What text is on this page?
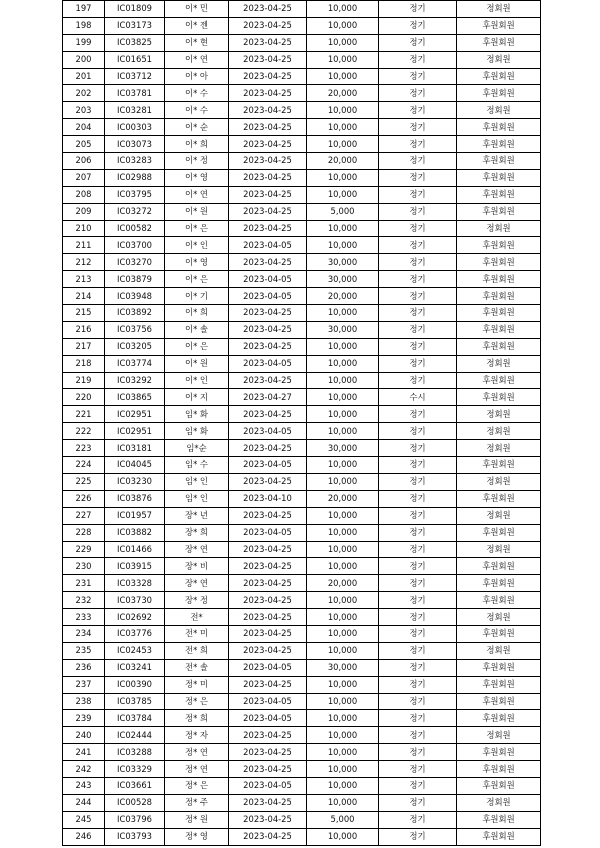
197	IC01809	이* 민	2023-04-25	10,000	정기	정회원
198	IC03173	이* 젠	2023-04-25	10,000	정기	후원회원
199	IC03825	이* 현	2023-04-25	10,000	정기	후원회원
200	IC01651	이* 연	2023-04-25	10,000	정기	정회원
201	IC03712	이* 아	2023-04-25	10,000	정기	후원회원
202	IC03781	이* 수	2023-04-25	20,000	정기	후원회원
203	IC03281	이* 수	2023-04-25	10,000	정기	정회원
204	IC00303	이* 순	2023-04-25	10,000	정기	후원회원
205	IC03073	이* 희	2023-04-25	10,000	정기	후원회원
206	IC03283	이* 정	2023-04-25	20,000	정기	후원회원
207	IC02988	이* 영	2023-04-25	10,000	정기	후원회원
208	IC03795	이* 연	2023-04-25	10,000	정기	후원회원
209	IC03272	이* 원	2023-04-25	5,000	정기	후원회원
210	IC00582	이* 은	2023-04-25	10,000	정기	정회원
211	IC03700	이* 인	2023-04-05	10,000	정기	후원회원
212	IC03270	이* 영	2023-04-25	30,000	정기	후원회원
213	IC03879	이* 은	2023-04-05	30,000	정기	후원회원
214	IC03948	이* 기	2023-04-05	20,000	정기	후원회원
215	IC03892	이* 희	2023-04-25	10,000	정기	후원회원
216	IC03756	이* 솔	2023-04-25	30,000	정기	후원회원
217	IC03205	이* 은	2023-04-25	10,000	정기	후원회원
218	IC03774	이* 원	2023-04-05	10,000	정기	정회원
219	IC03292	이* 인	2023-04-25	10,000	정기	후원회원
220	IC03865	이* 지	2023-04-27	10,000	수시	후원회원
221	IC02951	임* 화	2023-04-25	10,000	정기	정회원
222	IC02951	임* 화	2023-04-05	10,000	정기	정회원
223	IC03181	임*순	2023-04-25	30,000	정기	정회원
224	IC04045	임* 수	2023-04-05	10,000	정기	후원회원
225	IC03230	임* 인	2023-04-25	10,000	정기	정회원
226	IC03876	임* 인	2023-04-10	20,000	정기	후원회원
227	IC01957	장* 년	2023-04-25	10,000	정기	정회원
228	IC03882	장* 희	2023-04-05	10,000	정기	후원회원
229	IC01466	장* 연	2023-04-25	10,000	정기	정회원
230	IC03915	장* 비	2023-04-25	10,000	정기	후원회원
231	IC03328	장* 연	2023-04-25	20,000	정기	후원회원
232	IC03730	장* 정	2023-04-25	10,000	정기	후원회원
233	IC02692	전*	2023-04-25	10,000	정기	정회원
234	IC03776	전* 미	2023-04-25	10,000	정기	후원회원
235	IC02453	전* 희	2023-04-25	10,000	정기	정회원
236	IC03241	전* 솔	2023-04-05	30,000	정기	후원회원
237	IC00390	정* 미	2023-04-25	10,000	정기	후원회원
238	IC03785	정* 은	2023-04-05	10,000	정기	후원회원
239	IC03784	정* 희	2023-04-05	10,000	정기	후원회원
240	IC02444	정* 자	2023-04-25	10,000	정기	정회원
241	IC03288	정* 연	2023-04-25	10,000	정기	후원회원
242	IC03329	정* 연	2023-04-25	10,000	정기	후원회원
243	IC03661	정* 은	2023-04-05	10,000	정기	후원회원
244	IC00528	정* 주	2023-04-25	10,000	정기	정회원
245	IC03796	정* 원	2023-04-25	5,000	정기	후원회원
246	IC03793	정* 영	2023-04-25	10,000	정기	후원회원
